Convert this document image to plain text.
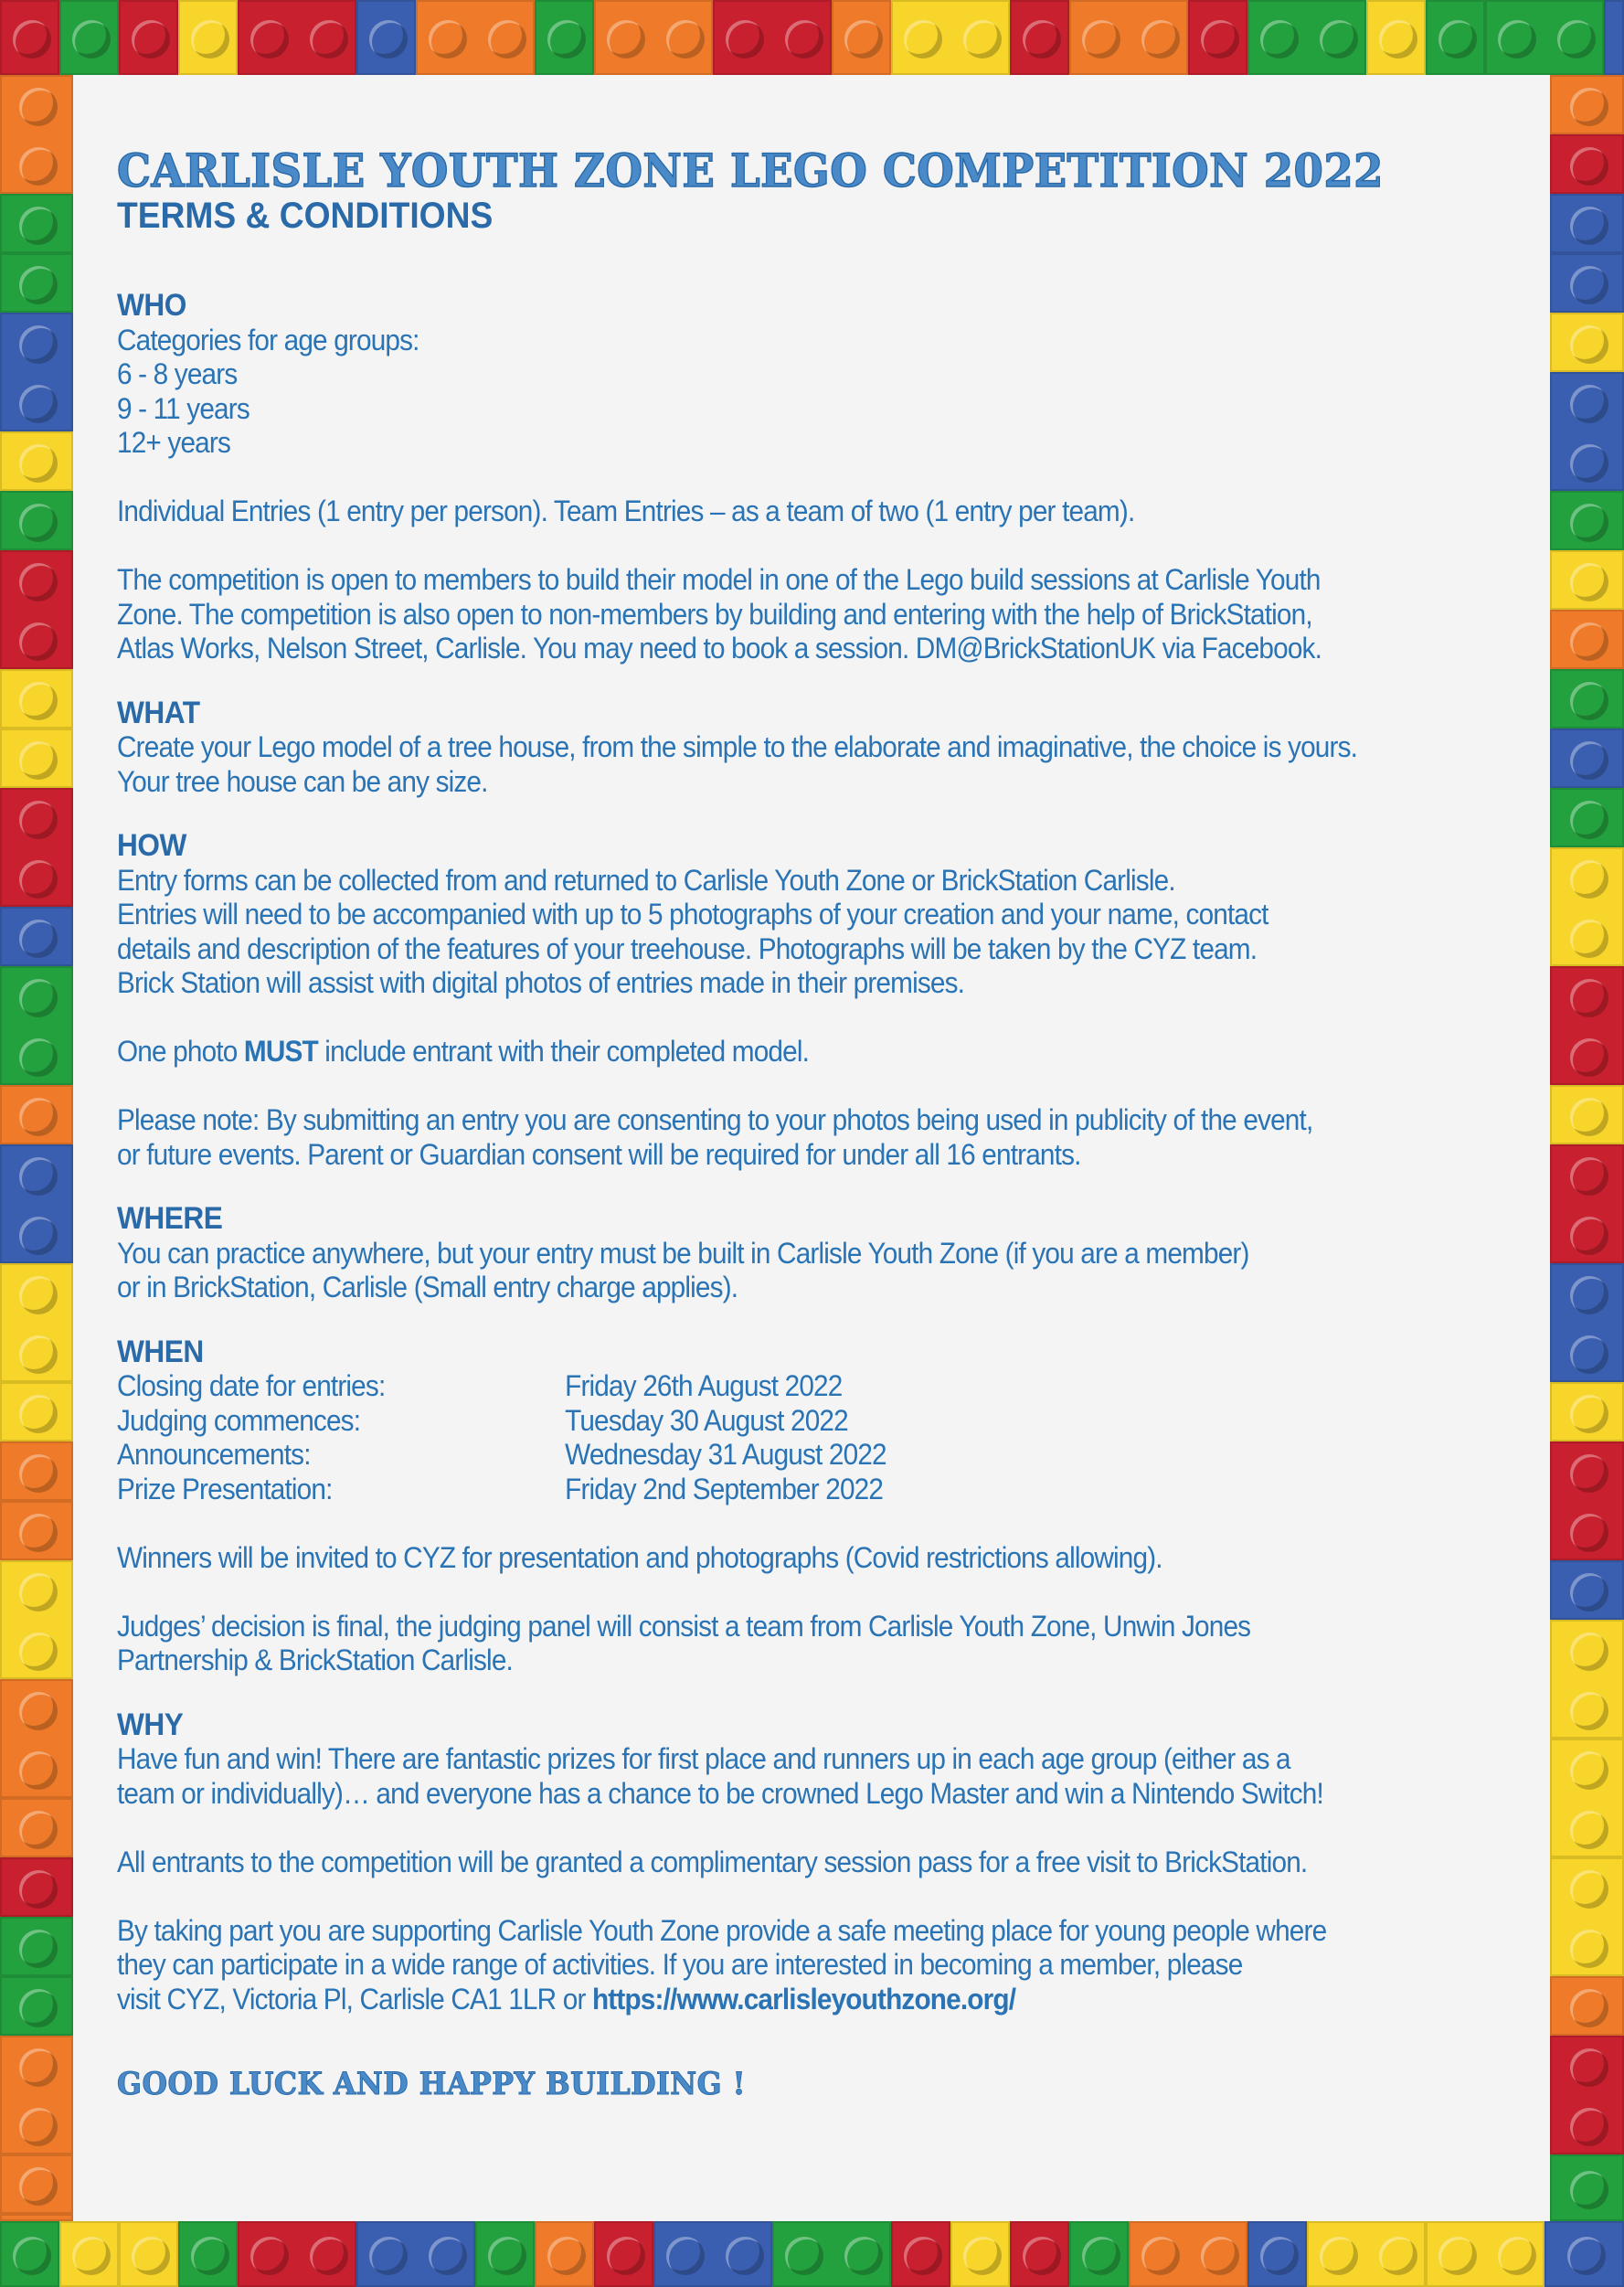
CARLISLE YOUTH ZONE LEGO COMPETITION 2022
TERMS & CONDITIONS
WHO
Categories for age groups:
6 - 8 years
9 - 11 years
12+ years
Individual Entries (1 entry per person). Team Entries – as a team of two (1 entry per team).
The competition is open to members to build their model in one of the Lego build sessions at Carlisle Youth
Zone. The competition is also open to non-members by building and entering with the help of BrickStation,
Atlas Works, Nelson Street, Carlisle. You may need to book a session. DM@BrickStationUK via Facebook.
WHAT
Create your Lego model of a tree house, from the simple to the elaborate and imaginative, the choice is yours.
Your tree house can be any size.
HOW
Entry forms can be collected from and returned to Carlisle Youth Zone or BrickStation Carlisle.
Entries will need to be accompanied with up to 5 photographs of your creation and your name, contact
details and description of the features of your treehouse. Photographs will be taken by the CYZ team.
Brick Station will assist with digital photos of entries made in their premises.
One photo MUST include entrant with their completed model.
Please note: By submitting an entry you are consenting to your photos being used in publicity of the event,
or future events. Parent or Guardian consent will be required for under all 16 entrants.
WHERE
You can practice anywhere, but your entry must be built in Carlisle Youth Zone (if you are a member)
or in BrickStation, Carlisle (Small entry charge applies).
WHEN
Closing date for entries:	Friday 26th August 2022
Judging commences:	Tuesday 30 August 2022
Announcements:	Wednesday 31 August 2022
Prize Presentation:	Friday 2nd September 2022
Winners will be invited to CYZ for presentation and photographs (Covid restrictions allowing).
Judges’ decision is final, the judging panel will consist a team from Carlisle Youth Zone, Unwin Jones
Partnership & BrickStation Carlisle.
WHY
Have fun and win! There are fantastic prizes for first place and runners up in each age group (either as a
team or individually)… and everyone has a chance to be crowned Lego Master and win a Nintendo Switch!
All entrants to the competition will be granted a complimentary session pass for a free visit to BrickStation.
By taking part you are supporting Carlisle Youth Zone provide a safe meeting place for young people where
they can participate in a wide range of activities. If you are interested in becoming a member, please
visit CYZ, Victoria Pl, Carlisle CA1 1LR or https://www.carlisleyouthzone.org/
GOOD LUCK AND HAPPY BUILDING !
